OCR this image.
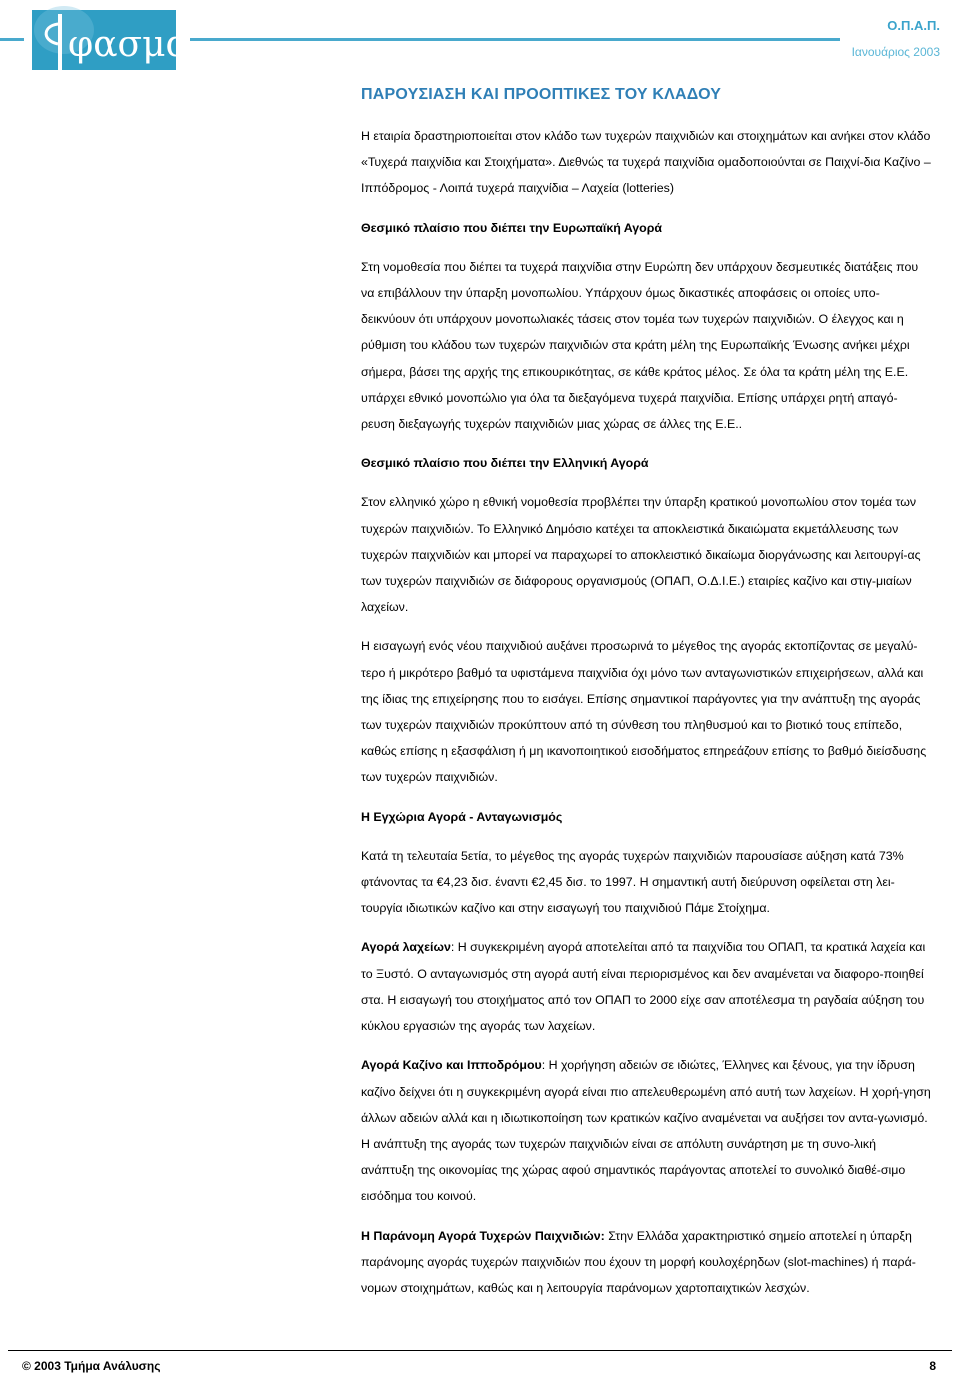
φασμα	Ο.Π.Α.Π.
Ιανουάριος 2003
ΠΑΡΟΥΣΙΑΣΗ ΚΑΙ ΠΡΟΟΠΤΙΚΕΣ ΤΟΥ ΚΛΑΔΟΥ

Η εταιρία δραστηριοποιείται στον κλάδο των τυχερών παιχνιδιών και στοιχημάτων και ανήκει στον κλάδο «Τυχερά παιχνίδια και Στοιχήματα». Διεθνώς τα τυχερά παιχνίδια ομαδοποιούνται σε Παιχνί-δια Καζίνο – Ιππόδρομος - Λοιπά τυχερά παιχνίδια – Λαχεία (lotteries)

Θεσμικό πλαίσιο που διέπει την Ευρωπαϊκή Αγορά

Στη νομοθεσία που διέπει τα τυχερά παιχνίδια στην Ευρώπη δεν υπάρχουν δεσμευτικές διατάξεις που να επιβάλλουν την ύπαρξη μονοπωλίου. Υπάρχουν όμως δικαστικές αποφάσεις οι οποίες υπο-δεικνύουν ότι υπάρχουν μονοπωλιακές τάσεις στον τομέα των τυχερών παιχνιδιών. Ο έλεγχος και η ρύθμιση του κλάδου των τυχερών παιχνιδιών στα κράτη μέλη της Ευρωπαϊκής Ένωσης ανήκει μέχρι σήμερα, βάσει της αρχής της επικουρικότητας, σε κάθε κράτος μέλος. Σε όλα τα κράτη μέλη της Ε.Ε. υπάρχει εθνικό μονοπώλιο για όλα τα διεξαγόμενα τυχερά παιχνίδια. Επίσης υπάρχει ρητή απαγό-ρευση διεξαγωγής τυχερών παιχνιδιών μιας χώρας σε άλλες της Ε.Ε..

Θεσμικό πλαίσιο που διέπει την Ελληνική Αγορά

Στον ελληνικό χώρο η εθνική νομοθεσία προβλέπει την ύπαρξη κρατικού μονοπωλίου στον τομέα των τυχερών παιχνιδιών. Το Ελληνικό Δημόσιο κατέχει τα αποκλειστικά δικαιώματα εκμετάλλευσης των τυχερών παιχνιδιών και μπορεί να παραχωρεί το αποκλειστικό δικαίωμα διοργάνωσης και λειτουργί-ας των τυχερών παιχνιδιών σε διάφορους οργανισμούς (ΟΠΑΠ, Ο.Δ.Ι.Ε.) εταιρίες καζίνο και στιγ-μιαίων λαχείων.

Η εισαγωγή ενός νέου παιχνιδιού αυξάνει προσωρινά το μέγεθος της αγοράς εκτοπίζοντας σε μεγαλύ-τερο ή μικρότερο βαθμό τα υφιστάμενα παιχνίδια όχι μόνο των ανταγωνιστικών επιχειρήσεων, αλλά και της ίδιας της επιχείρησης που το εισάγει. Επίσης σημαντικοί παράγοντες για την ανάπτυξη της αγοράς των τυχερών παιχνιδιών προκύπτουν από τη σύνθεση του πληθυσμού και το βιοτικό τους επίπεδο, καθώς επίσης η εξασφάλιση ή μη ικανοποιητικού εισοδήματος επηρεάζουν επίσης το βαθμό διείσδυσης των τυχερών παιχνιδιών.

Η Εγχώρια Αγορά - Ανταγωνισμός

Κατά τη τελευταία 5ετία, το μέγεθος της αγοράς τυχερών παιχνιδιών παρουσίασε αύξηση κατά 73% φτάνοντας τα €4,23 δισ. έναντι €2,45 δισ. το 1997. Η σημαντική αυτή διεύρυνση οφείλεται στη λει-τουργία ιδιωτικών καζίνο και στην εισαγωγή του παιχνιδιού Πάμε Στοίχημα.

Αγορά λαχείων: Η συγκεκριμένη αγορά αποτελείται από τα παιχνίδια του ΟΠΑΠ, τα κρατικά λαχεία και το Ξυστό. Ο ανταγωνισμός στη αγορά αυτή είναι περιορισμένος και δεν αναμένεται να διαφορο-ποιηθεί στα. Η εισαγωγή του στοιχήματος από τον ΟΠΑΠ το 2000 είχε σαν αποτέλεσμα τη ραγδαία αύξηση του κύκλου εργασιών της αγοράς των λαχείων.

Αγορά Καζίνο και Ιπποδρόμου: Η χορήγηση αδειών σε ιδιώτες, Έλληνες και ξένους, για την ίδρυση καζίνο δείχνει ότι η συγκεκριμένη αγορά είναι πιο απελευθερωμένη από αυτή των λαχείων. Η χορή-γηση άλλων αδειών αλλά και η ιδιωτικοποίηση των κρατικών καζίνο αναμένεται να αυξήσει τον αντα-γωνισμό. Η ανάπτυξη της αγοράς των τυχερών παιχνιδιών είναι σε απόλυτη συνάρτηση με τη συνο-λική ανάπτυξη της οικονομίας της χώρας αφού σημαντικός παράγοντας αποτελεί το συνολικό διαθέ-σιμο εισόδημα του κοινού.

Η Παράνομη Αγορά Τυχερών Παιχνιδιών: Στην Ελλάδα χαρακτηριστικό σημείο αποτελεί η ύπαρξη παράνομης αγοράς τυχερών παιχνιδιών που έχουν τη μορφή κουλοχέρηδων (slot-machines) ή παρά-νομων στοιχημάτων, καθώς και η λειτουργία παράνομων χαρτοπαιχτικών λεσχών.

© 2003 Τμήμα Ανάλυσης	8
